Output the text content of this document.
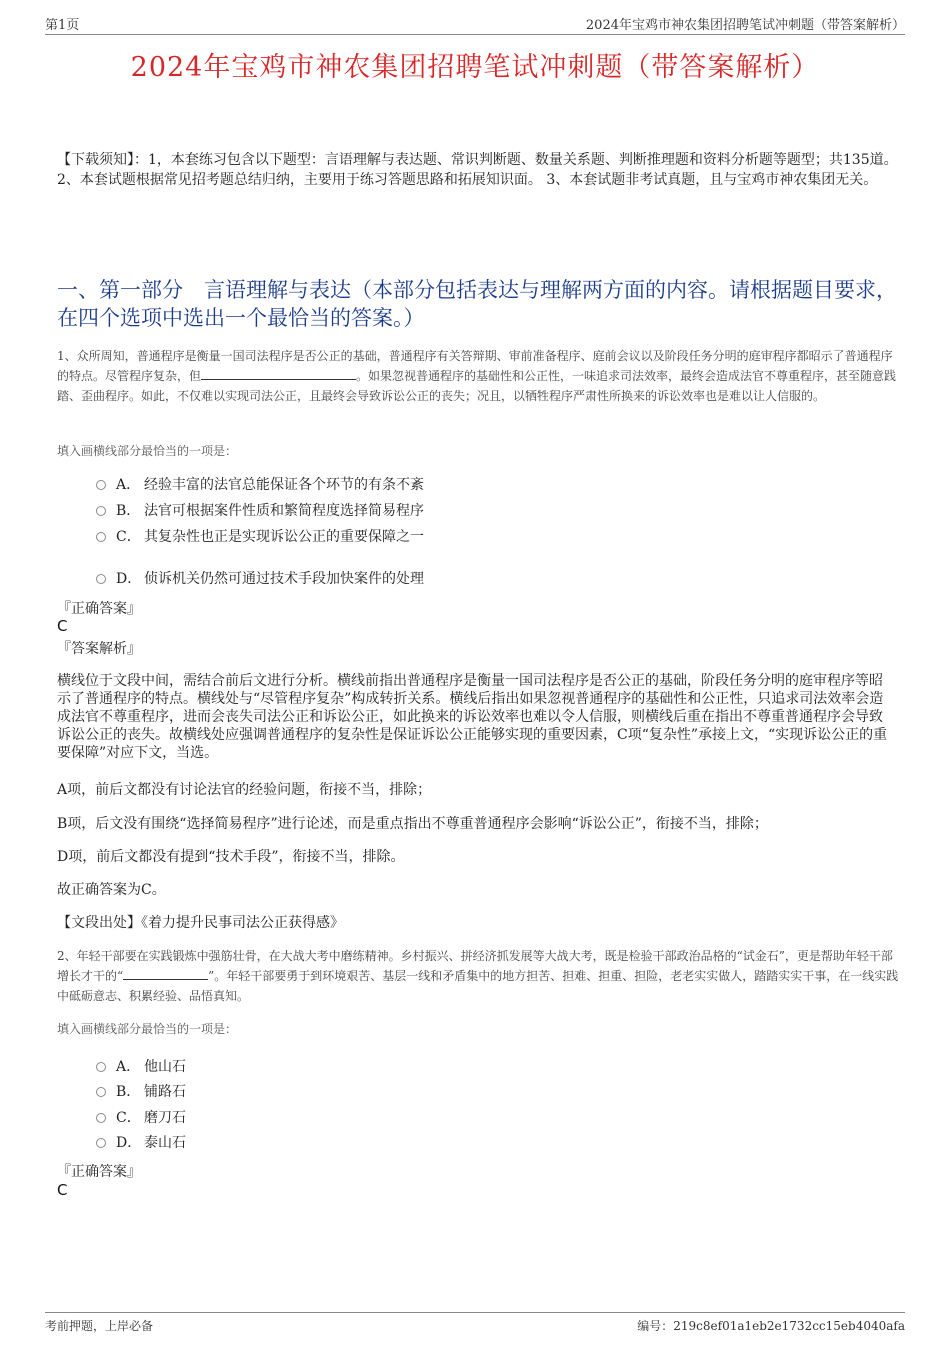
第1页	2024年宝鸡市神农集团招聘笔试冲刺题（带答案解析）
2024年宝鸡市神农集团招聘笔试冲刺题（带答案解析）
【下载须知】：1，本套练习包含以下题型：言语理解与表达题、常识判断题、数量关系题、判断推理题和资料分析题等题型；共135道。 2、本套试题根据常见招考题总结归纳，主要用于练习答题思路和拓展知识面。 3、本套试题非考试真题，且与宝鸡市神农集团无关。
一、第一部分　言语理解与表达（本部分包括表达与理解两方面的内容。请根据题目要求，在四个选项中选出一个最恰当的答案。）
1、众所周知，普通程序是衡量一国司法程序是否公正的基础，普通程序有关答辩期、审前准备程序、庭前会议以及阶段任务分明的庭审程序都昭示了普通程序的特点。尽管程序复杂，但	。如果忽视普通程序的基础性和公正性，一味追求司法效率，最终会造成法官不尊重程序，甚至随意践踏、歪曲程序。如此，不仅难以实现司法公正，且最终会导致诉讼公正的丧失；况且，以牺牲程序严肃性所换来的诉讼效率也是难以让人信服的。
填入画横线部分最恰当的一项是：
A． 经验丰富的法官总能保证各个环节的有条不紊
B． 法官可根据案件性质和繁简程度选择简易程序
C． 其复杂性也正是实现诉讼公正的重要保障之一
D． 侦诉机关仍然可通过技术手段加快案件的处理
『正确答案』
C
『答案解析』
横线位于文段中间，需结合前后文进行分析。横线前指出普通程序是衡量一国司法程序是否公正的基础，阶段任务分明的庭审程序等昭示了普通程序的特点。横线处与“尽管程序复杂”构成转折关系。横线后指出如果忽视普通程序的基础性和公正性，只追求司法效率会造成法官不尊重程序，进而会丧失司法公正和诉讼公正，如此换来的诉讼效率也难以令人信服，则横线后重在指出不尊重普通程序会导致诉讼公正的丧失。故横线处应强调普通程序的复杂性是保证诉讼公正能够实现的重要因素，C项“复杂性”承接上文，“实现诉讼公正的重要保障”对应下文，当选。
A项，前后文都没有讨论法官的经验问题，衔接不当，排除；
B项，后文没有围绕“选择简易程序”进行论述，而是重点指出不尊重普通程序会影响“诉讼公正”，衔接不当，排除；
D项，前后文都没有提到“技术手段”，衔接不当，排除。
故正确答案为C。
【文段出处】《着力提升民事司法公正获得感》
2、年轻干部要在实践锻炼中强筋壮骨，在大战大考中磨练精神。乡村振兴、拼经济抓发展等大战大考，既是检验干部政治品格的“试金石”，更是帮助年轻干部增长才干的“	”。年轻干部要勇于到环境艰苦、基层一线和矛盾集中的地方担苦、担难、担重、担险，老老实实做人，踏踏实实干事，在一线实践中砥砺意志、积累经验、品悟真知。
填入画横线部分最恰当的一项是：
A． 他山石
B． 铺路石
C． 磨刀石
D． 泰山石
『正确答案』
C
考前押题，上岸必备	编号：219c8ef01a1eb2e1732cc15eb4040afa
